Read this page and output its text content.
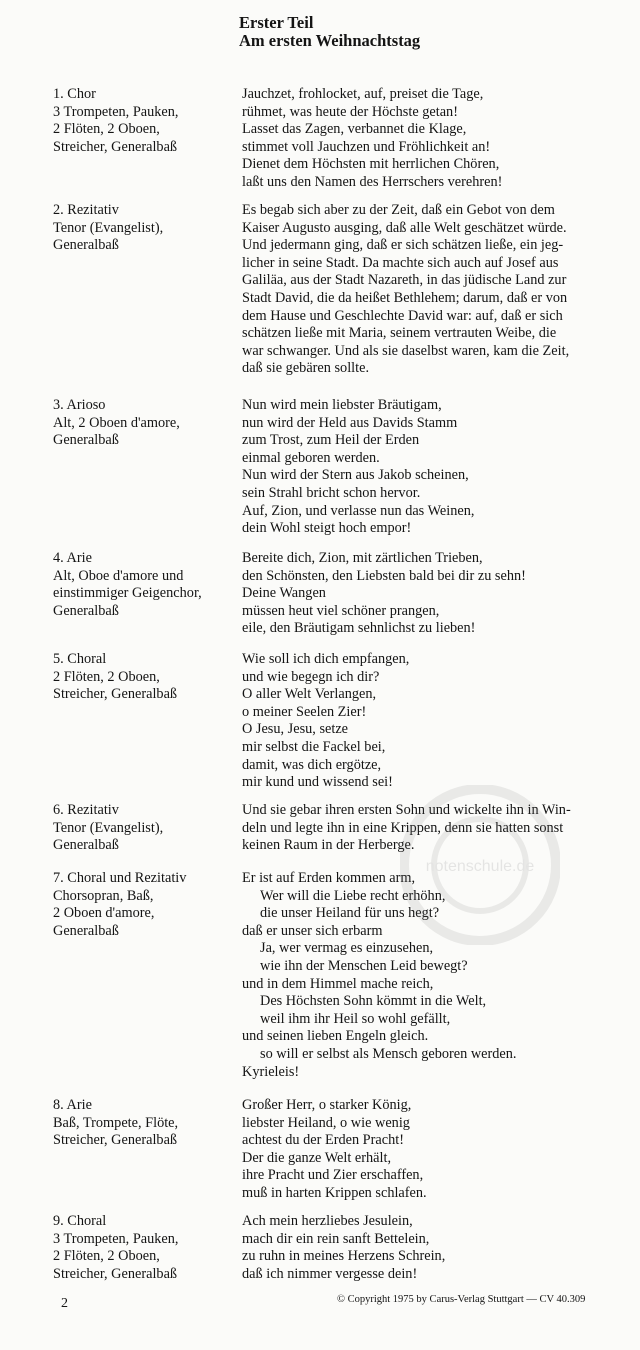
Erster Teil
Am ersten Weihnachtstag
1. Chor
3 Trompeten, Pauken,
2 Flöten, 2 Oboen,
Streicher, Generalbaß
Jauchzet, frohlocket, auf, preiset die Tage,
rühmet, was heute der Höchste getan!
Lasset das Zagen, verbannet die Klage,
stimmet voll Jauchzen und Fröhlichkeit an!
Dienet dem Höchsten mit herrlichen Chören,
laßt uns den Namen des Herrschers verehren!
2. Rezitativ
Tenor (Evangelist),
Generalbaß
Es begab sich aber zu der Zeit, daß ein Gebot von dem
Kaiser Augusto ausging, daß alle Welt geschätzet würde.
Und jedermann ging, daß er sich schätzen ließe, ein jeg-
licher in seine Stadt. Da machte sich auch auf Josef aus
Galiläa, aus der Stadt Nazareth, in das jüdische Land zur
Stadt David, die da heißet Bethlehem; darum, daß er von
dem Hause und Geschlechte David war: auf, daß er sich
schätzen ließe mit Maria, seinem vertrauten Weibe, die
war schwanger. Und als sie daselbst waren, kam die Zeit,
daß sie gebären sollte.
3. Arioso
Alt, 2 Oboen d'amore,
Generalbaß
Nun wird mein liebster Bräutigam,
nun wird der Held aus Davids Stamm
zum Trost, zum Heil der Erden
einmal geboren werden.
Nun wird der Stern aus Jakob scheinen,
sein Strahl bricht schon hervor.
Auf, Zion, und verlasse nun das Weinen,
dein Wohl steigt hoch empor!
4. Arie
Alt, Oboe d'amore und
einstimmiger Geigenchor,
Generalbaß
Bereite dich, Zion, mit zärtlichen Trieben,
den Schönsten, den Liebsten bald bei dir zu sehn!
Deine Wangen
müssen heut viel schöner prangen,
eile, den Bräutigam sehnlichst zu lieben!
5. Choral
2 Flöten, 2 Oboen,
Streicher, Generalbaß
Wie soll ich dich empfangen,
und wie begegn ich dir?
O aller Welt Verlangen,
o meiner Seelen Zier!
O Jesu, Jesu, setze
mir selbst die Fackel bei,
damit, was dich ergötze,
mir kund und wissend sei!
6. Rezitativ
Tenor (Evangelist),
Generalbaß
Und sie gebar ihren ersten Sohn und wickelte ihn in Win-
deln und legte ihn in eine Krippen, denn sie hatten sonst
keinen Raum in der Herberge.
7. Choral und Rezitativ
Chorsopran, Baß,
2 Oboen d'amore,
Generalbaß
Er ist auf Erden kommen arm,
Wer will die Liebe recht erhöhn,
die unser Heiland für uns hegt?
daß er unser sich erbarm
Ja, wer vermag es einzusehen,
wie ihn der Menschen Leid bewegt?
und in dem Himmel mache reich,
Des Höchsten Sohn kömmt in die Welt,
weil ihm ihr Heil so wohl gefällt,
und seinen lieben Engeln gleich.
so will er selbst als Mensch geboren werden.
Kyrieleis!
8. Arie
Baß, Trompete, Flöte,
Streicher, Generalbaß
Großer Herr, o starker König,
liebster Heiland, o wie wenig
achtest du der Erden Pracht!
Der die ganze Welt erhält,
ihre Pracht und Zier erschaffen,
muß in harten Krippen schlafen.
9. Choral
3 Trompeten, Pauken,
2 Flöten, 2 Oboen,
Streicher, Generalbaß
Ach mein herzliebes Jesulein,
mach dir ein rein sanft Bettelein,
zu ruhn in meines Herzens Schrein,
daß ich nimmer vergesse dein!
notenschule.de
2	© Copyright 1975 by Carus-Verlag Stuttgart — CV 40.309
